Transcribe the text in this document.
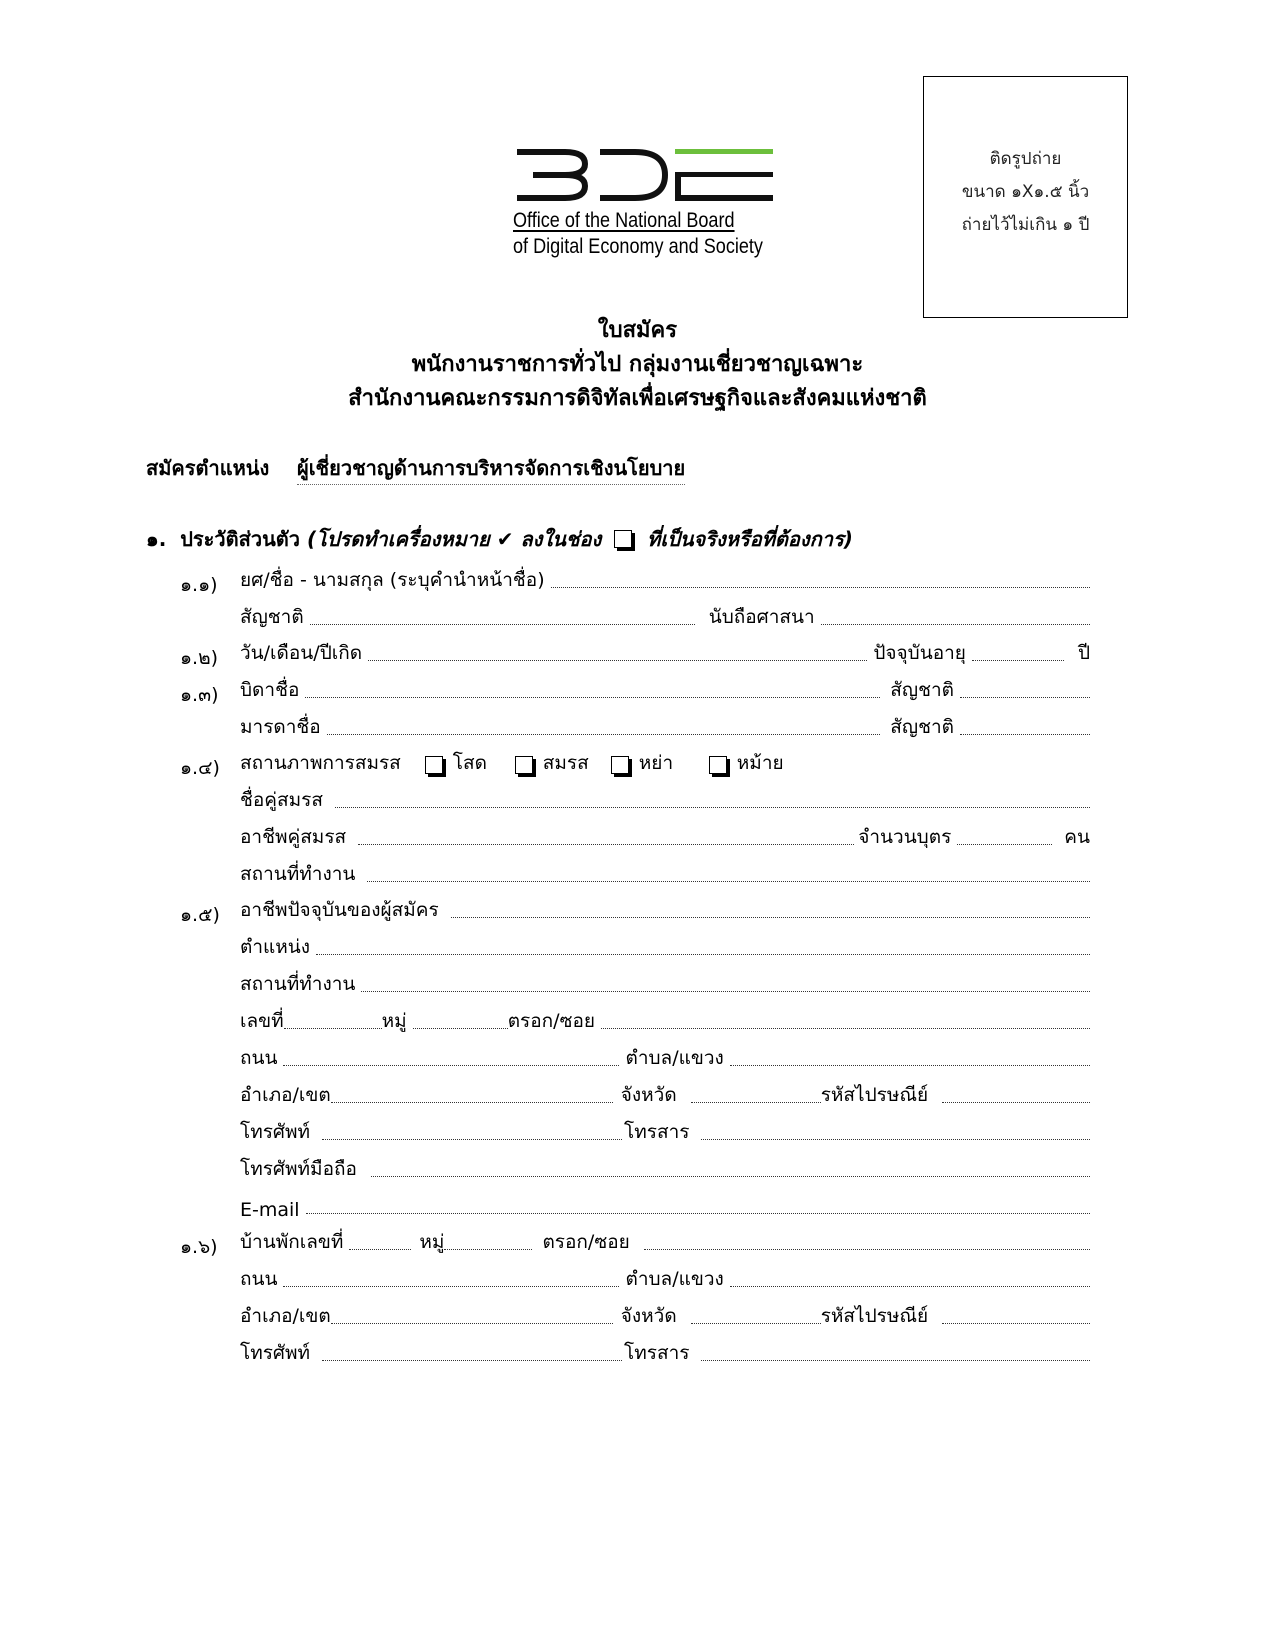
Office of the National Board
of Digital Economy and Society
ติดรูปถ่าย
ขนาด ๑X๑.๕ นิ้ว
ถ่ายไว้ไม่เกิน ๑ ปี
ใบสมัคร
พนักงานราชการทั่วไป กลุ่มงานเชี่ยวชาญเฉพาะ
สำนักงานคณะกรรมการดิจิทัลเพื่อเศรษฐกิจและสังคมแห่งชาติ
สมัครตำแหน่ง ผู้เชี่ยวชาญด้านการบริหารจัดการเชิงนโยบาย
๑. ประวัติส่วนตัว (โปรดทำเครื่องหมาย ✔ ลงในช่อง ที่เป็นจริงหรือที่ต้องการ)
๑.๑) ยศ/ชื่อ - นามสกุล (ระบุคำนำหน้าชื่อ)
สัญชาติ	นับถือศาสนา
๑.๒) วัน/เดือน/ปีเกิด	ปัจจุบันอายุ	ปี
๑.๓) บิดาชื่อ	สัญชาติ
มารดาชื่อ	สัญชาติ
๑.๔) สถานภาพการสมรส	โสด	สมรส	หย่า	หม้าย
ชื่อคู่สมรส
อาชีพคู่สมรส	จำนวนบุตร	คน
สถานที่ทำงาน
๑.๕) อาชีพปัจจุบันของผู้สมัคร
ตำแหน่ง
สถานที่ทำงาน
เลขที่	หมู่	ตรอก/ซอย
ถนน	ตำบล/แขวง
อำเภอ/เขต	จังหวัด	รหัสไปรษณีย์
โทรศัพท์	โทรสาร
โทรศัพท์มือถือ
E-mail
๑.๖) บ้านพักเลขที่	หมู่	ตรอก/ซอย
ถนน	ตำบล/แขวง
อำเภอ/เขต	จังหวัด	รหัสไปรษณีย์
โทรศัพท์	โทรสาร
